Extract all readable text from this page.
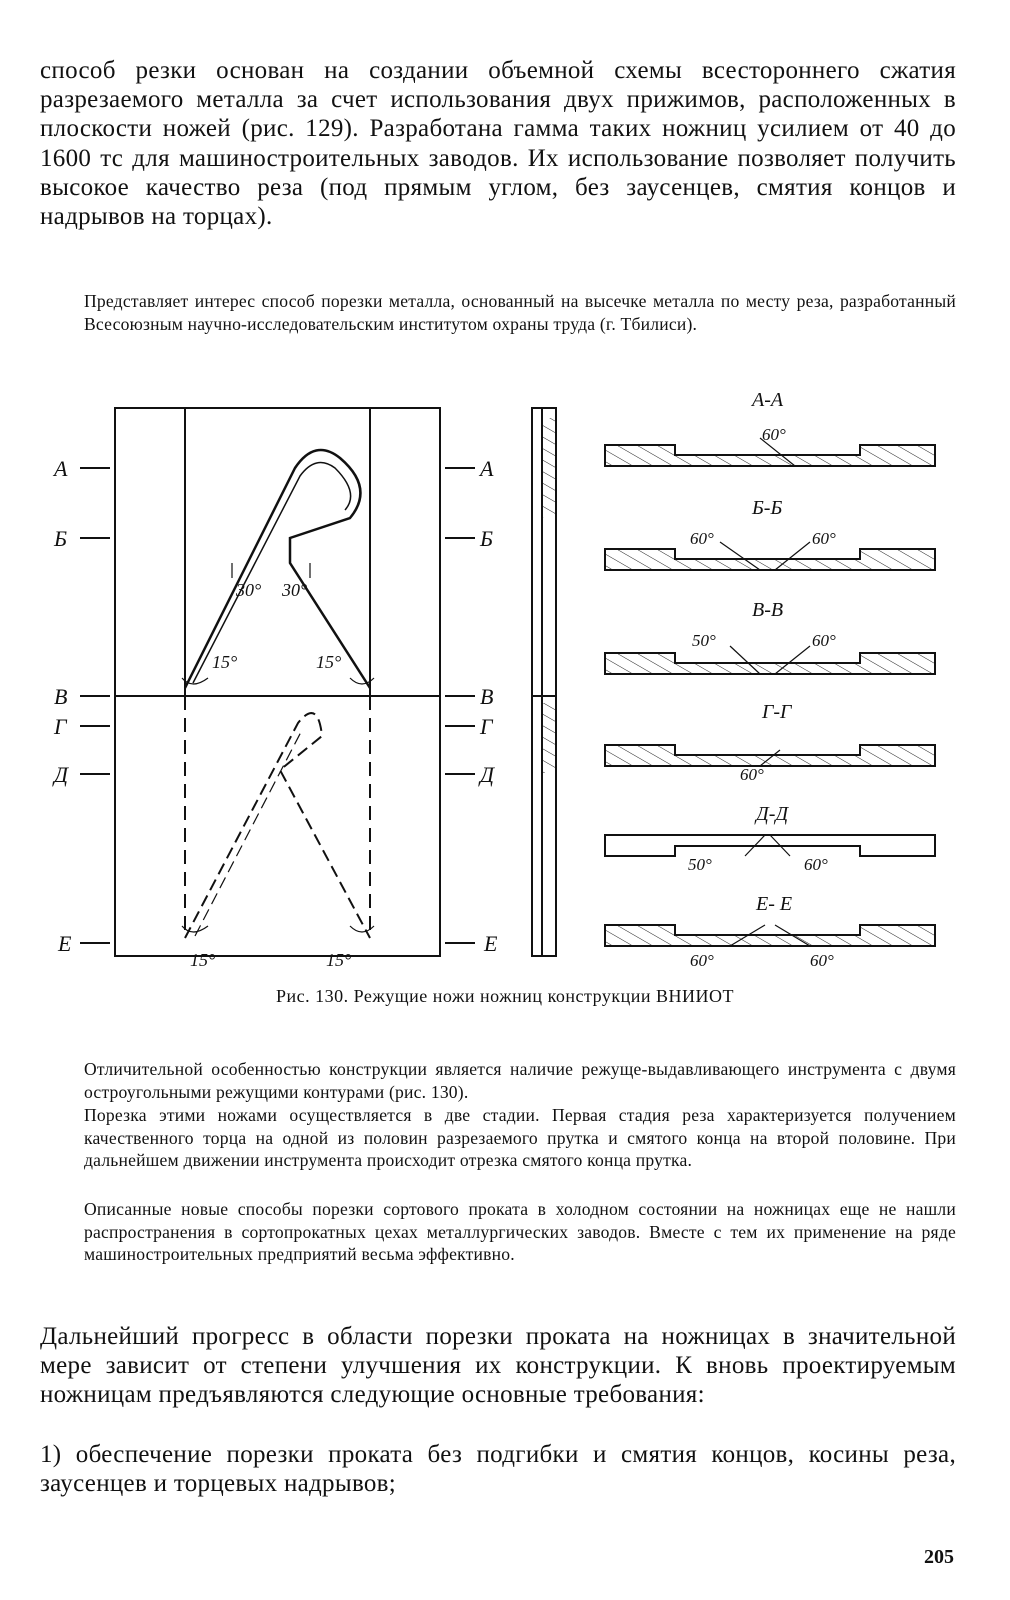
способ резки основан на создании объемной схемы всестороннего сжатия разрезаемого металла за счет использования двух прижимов, расположенных в плоскости ножей (рис. 129). Разработана гамма таких ножниц усилием от 40 до 1600 тс для машиностроительных заводов. Их использование позволяет получить высокое качество реза (под прямым углом, без заусенцев, смятия концов и надрывов на торцах).

Представляет интерес способ порезки металла, основанный на высечке металла по месту реза, разработанный Всесоюзным научно-исследовательским институтом охраны труда (г. Тбилиси).

А
Б
В
Г
Д
Е
А
Б
В
Г
Д
Е
30° 30°
15°	15°
15°	15°
А-А
60°
Б-Б
60°	60°
В-В
50°	60°
Г-Г
60°
Д-Д
50°	60°
Е- Е
60°	60°
Рис. 130. Режущие ножи ножниц конструкции ВНИИОТ

Отличительной особенностью конструкции является наличие режуще-выдавливающего инструмента с двумя остроугольными режущими контурами (рис. 130).

Порезка этими ножами осуществляется в две стадии. Первая стадия реза характеризуется получением качественного торца на одной из половин разрезаемого прутка и смятого конца на второй половине. При дальнейшем движении инструмента происходит отрезка смятого конца прутка.

Описанные новые способы порезки сортового проката в холодном состоянии на ножницах еще не нашли распространения в сортопрокатных цехах металлургических заводов. Вместе с тем их применение на ряде машиностроительных предприятий весьма эффективно.

Дальнейший прогресс в области порезки проката на ножницах в значительной мере зависит от степени улучшения их конструкции. К вновь проектируемым ножницам предъявляются следующие основные требования:

1) обеспечение порезки проката без подгибки и смятия концов, косины реза, заусенцев и торцевых надрывов;

205
